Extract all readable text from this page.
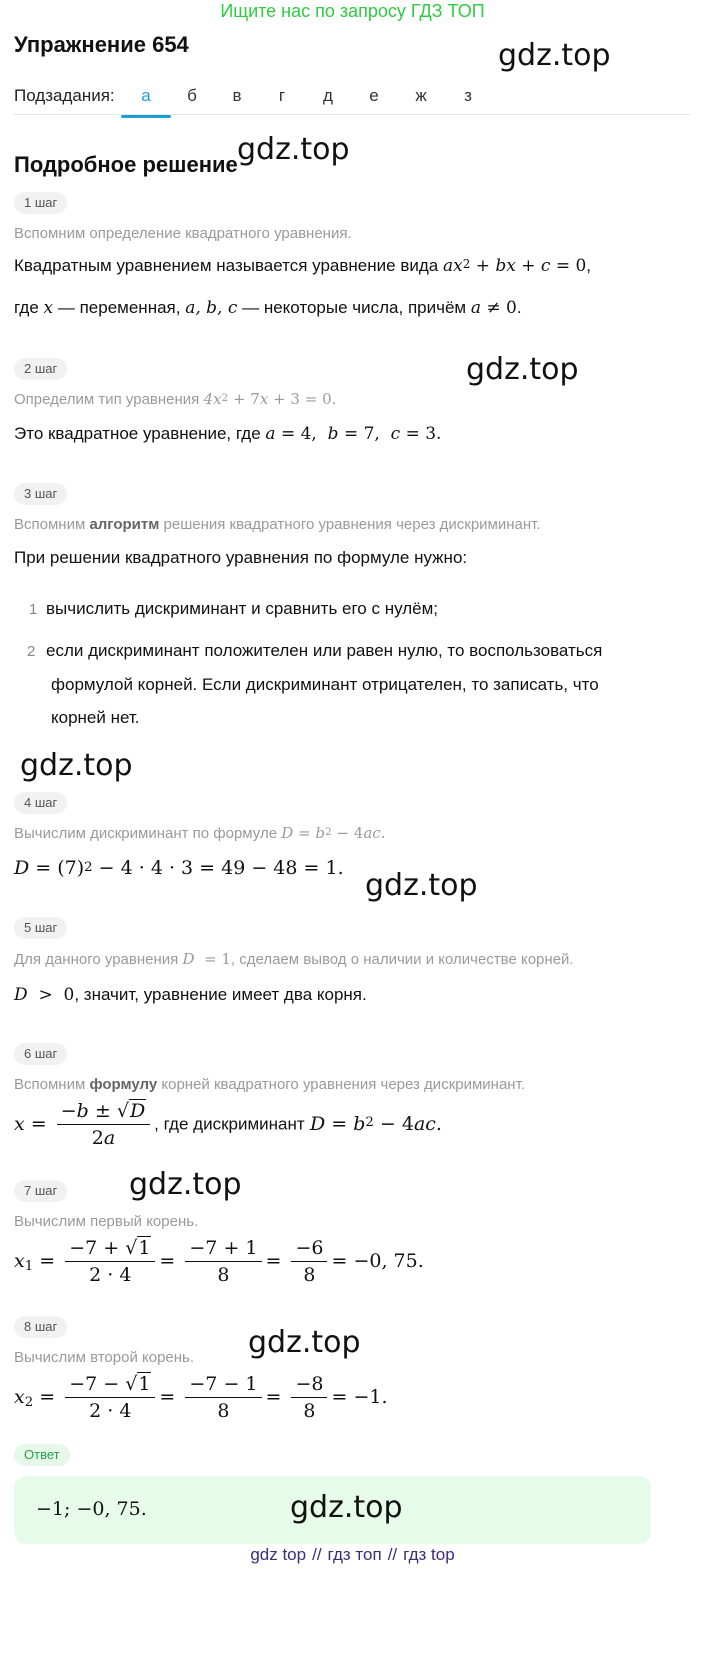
Ищите нас по запросу ГДЗ ТОП
Упражнение 654	gdz.top
Подзадания:	а	б	в	г	д	е	ж	з
Подробное решение gdz.top
1 шаг
Вспомним определение квадратного уравнения.
Квадратным уравнением называется уравнение вида $ax^2$ + bx + c = 0,
где x — переменная, a, b, c — некоторые числа, причём a ≠ 0.
gdz.top
2 шаг
Определим тип уравнения $4x^2 + 7x + 3 = 0$.
Это квадратное уравнение, где a = 4,  b = 7,  c = 3.
3 шаг
Вспомним алгоритм решения квадратного уравнения через дискриминант.
При решении квадратного уравнения по формуле нужно:
1 вычислить дискриминант и сравнить его с нулём;
2 если дискриминант положителен или равен нулю, то воспользоваться
формулой корней. Если дискриминант отрицателен, то записать, что
корней нет.
gdz.top
4 шаг
Вычислим дискриминант по формуле $D = b^2 - 4ac$.
$D = (7)^2 - 4 \cdot 4 \cdot 3 = 49 - 48 = 1$. gdz.top
5 шаг
Для данного уравнения D  = 1, сделаем вывод о наличии и количестве корней.
D  > 0, значит, уравнение имеет два корня.
6 шаг
Вспомним формулу корней квадратного уравнения через дискриминант.
$x = \frac{-b \pm √D}{2a}$ , где дискриминант $D = b^2 - 4ac$.
gdz.top
7 шаг
Вычислим первый корень.
$x_1 = \frac{-7 + √1}{2 \cdot 4} = \frac{-7 + 1}{8} = \frac{-6}{8} = -0$, 75.
gdz.top
8 шаг
Вычислим второй корень.
$x_2 = \frac{-7 - √1}{2 \cdot 4} = \frac{-7 - 1}{8} = \frac{-8}{8} = -1$.
Ответ
−1; −0, 75.	gdz.top
gdz top // гдз топ // гдз top
